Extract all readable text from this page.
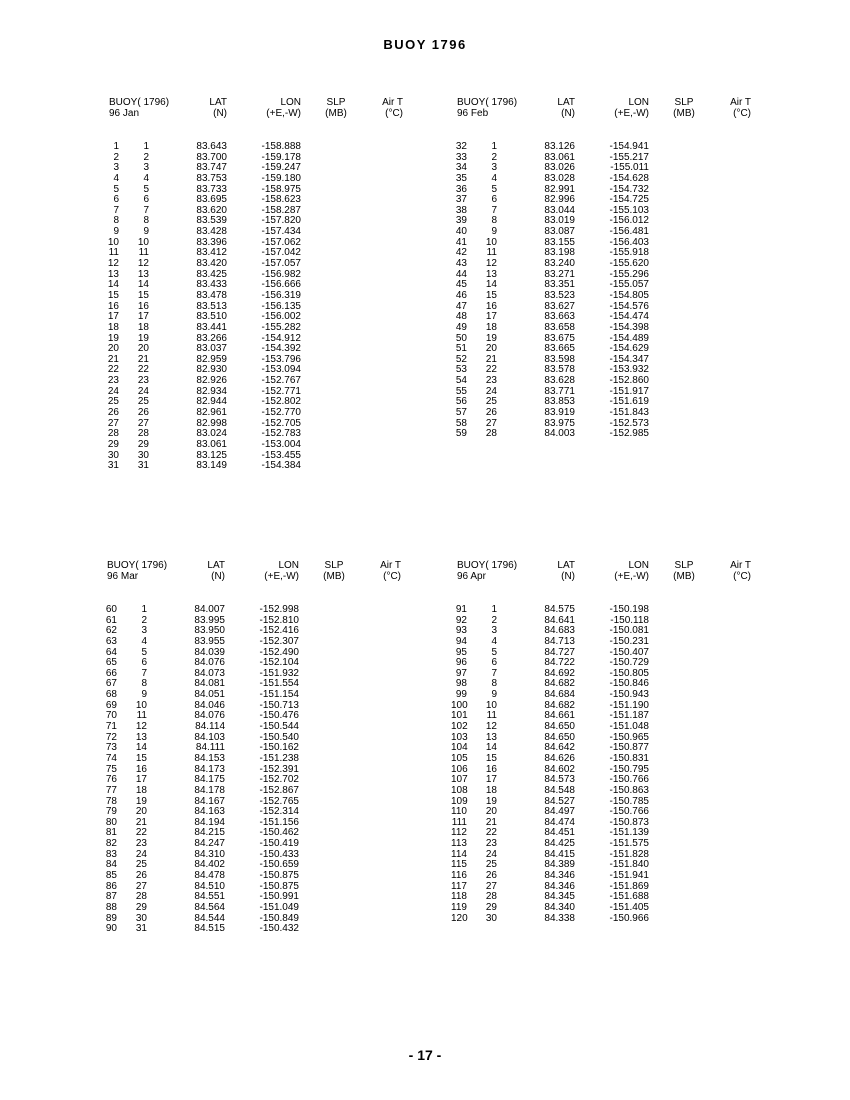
BUOY 1796
BUOY( 1796)	LAT	LON	SLP	Air T
96 Jan	(N)	(+E,-W)	(MB)	(°C)
1	1	83.643	-158.888
2	2	83.700	-159.178
3	3	83.747	-159.247
4	4	83.753	-159.180
5	5	83.733	-158.975
6	6	83.695	-158.623
7	7	83.620	-158.287
8	8	83.539	-157.820
9	9	83.428	-157.434
10	10	83.396	-157.062
11	11	83.412	-157.042
12	12	83.420	-157.057
13	13	83.425	-156.982
14	14	83.433	-156.666
15	15	83.478	-156.319
16	16	83.513	-156.135
17	17	83.510	-156.002
18	18	83.441	-155.282
19	19	83.266	-154.912
20	20	83.037	-154.392
21	21	82.959	-153.796
22	22	82.930	-153.094
23	23	82.926	-152.767
24	24	82.934	-152.771
25	25	82.944	-152.802
26	26	82.961	-152.770
27	27	82.998	-152.705
28	28	83.024	-152.783
29	29	83.061	-153.004
30	30	83.125	-153.455
31	31	83.149	-154.384
BUOY( 1796)	LAT	LON	SLP	Air T
96 Feb	(N)	(+E,-W)	(MB)	(°C)
32	1	83.126	-154.941
33	2	83.061	-155.217
34	3	83.026	-155.011
35	4	83.028	-154.628
36	5	82.991	-154.732
37	6	82.996	-154.725
38	7	83.044	-155.103
39	8	83.019	-156.012
40	9	83.087	-156.481
41	10	83.155	-156.403
42	11	83.198	-155.918
43	12	83.240	-155.620
44	13	83.271	-155.296
45	14	83.351	-155.057
46	15	83.523	-154.805
47	16	83.627	-154.576
48	17	83.663	-154.474
49	18	83.658	-154.398
50	19	83.675	-154.489
51	20	83.665	-154.629
52	21	83.598	-154.347
53	22	83.578	-153.932
54	23	83.628	-152.860
55	24	83.771	-151.917
56	25	83.853	-151.619
57	26	83.919	-151.843
58	27	83.975	-152.573
59	28	84.003	-152.985
BUOY( 1796)	LAT	LON	SLP	Air T
96 Mar	(N)	(+E,-W)	(MB)	(°C)
60	1	84.007	-152.998
61	2	83.995	-152.810
62	3	83.950	-152.416
63	4	83.955	-152.307
64	5	84.039	-152.490
65	6	84.076	-152.104
66	7	84.073	-151.932
67	8	84.081	-151.554
68	9	84.051	-151.154
69	10	84.046	-150.713
70	11	84.076	-150.476
71	12	84.114	-150.544
72	13	84.103	-150.540
73	14	84.111	-150.162
74	15	84.153	-151.238
75	16	84.173	-152.391
76	17	84.175	-152.702
77	18	84.178	-152.867
78	19	84.167	-152.765
79	20	84.163	-152.314
80	21	84.194	-151.156
81	22	84.215	-150.462
82	23	84.247	-150.419
83	24	84.310	-150.433
84	25	84.402	-150.659
85	26	84.478	-150.875
86	27	84.510	-150.875
87	28	84.551	-150.991
88	29	84.564	-151.049
89	30	84.544	-150.849
90	31	84.515	-150.432
BUOY( 1796)	LAT	LON	SLP	Air T
96 Apr	(N)	(+E,-W)	(MB)	(°C)
91	1	84.575	-150.198
92	2	84.641	-150.118
93	3	84.683	-150.081
94	4	84.713	-150.231
95	5	84.727	-150.407
96	6	84.722	-150.729
97	7	84.692	-150.805
98	8	84.682	-150.846
99	9	84.684	-150.943
100	10	84.682	-151.190
101	11	84.661	-151.187
102	12	84.650	-151.048
103	13	84.650	-150.965
104	14	84.642	-150.877
105	15	84.626	-150.831
106	16	84.602	-150.795
107	17	84.573	-150.766
108	18	84.548	-150.863
109	19	84.527	-150.785
110	20	84.497	-150.766
111	21	84.474	-150.873
112	22	84.451	-151.139
113	23	84.425	-151.575
114	24	84.415	-151.828
115	25	84.389	-151.840
116	26	84.346	-151.941
117	27	84.346	-151.869
118	28	84.345	-151.688
119	29	84.340	-151.405
120	30	84.338	-150.966
- 17 -
